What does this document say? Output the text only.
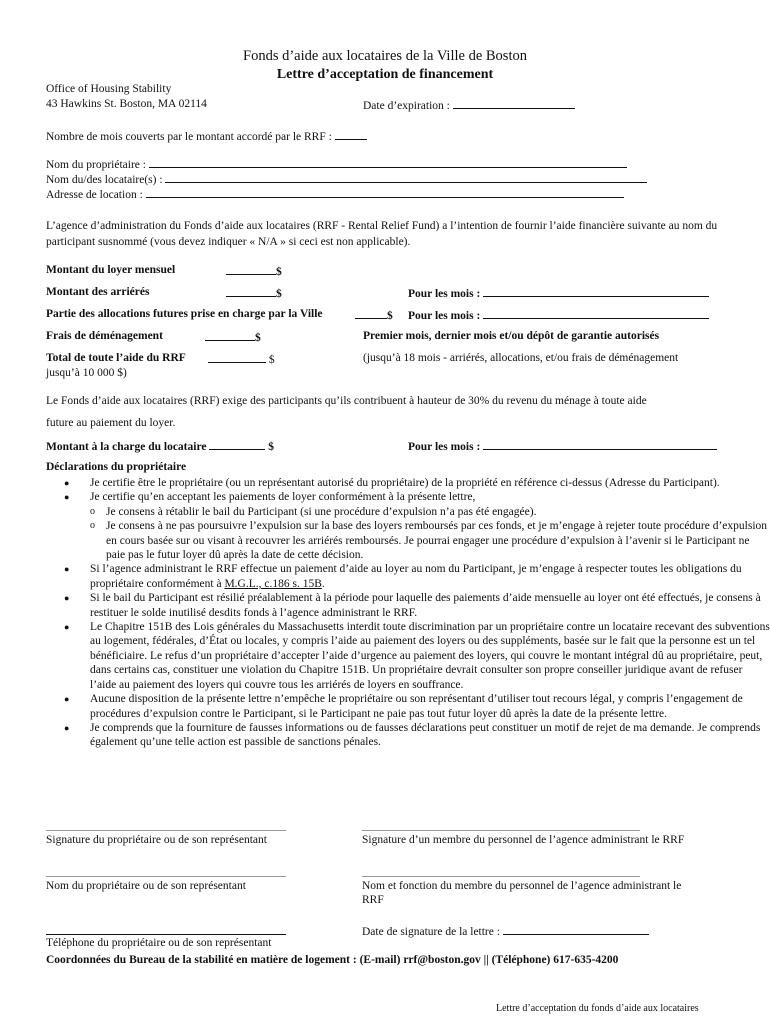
Fonds d’aide aux locataires de la Ville de Boston
Lettre d’acceptation de financement
Office of Housing Stability
43 Hawkins St. Boston, MA 02114	Date d’expiration :
Nombre de mois couverts par le montant accordé par le RRF :
Nom du propriétaire :
Nom du/des locataire(s) :
Adresse de location :
L’agence d’administration du Fonds d’aide aux locataires (RRF - Rental Relief Fund) a l’intention de fournir l’aide financière suivante au nom du participant susnommé (vous devez indiquer « N/A » si ceci est non applicable).
Montant du loyer mensuel	$
Montant des arriérés	$	Pour les mois :
Partie des allocations futures prise en charge par la Ville	$ Pour les mois :
Frais de déménagement	$	Premier mois, dernier mois et/ou dépôt de garantie autorisés
Total de toute l’aide du RRF	$	(jusqu’à 18 mois - arriérés, allocations, et/ou frais de déménagement
jusqu’à 10 000 $)
Le Fonds d’aide aux locataires (RRF) exige des participants qu’ils contribuent à hauteur de 30% du revenu du ménage à toute aide
future au paiement du loyer.
Montant à la charge du locataire	$	Pour les mois :
Déclarations du propriétaire
● Je certifie être le propriétaire (ou un représentant autorisé du propriétaire) de la propriété en référence ci-dessus (Adresse du Participant).
● Je certifie qu’en acceptant les paiements de loyer conformément à la présente lettre,
o Je consens à rétablir le bail du Participant (si une procédure d’expulsion n’a pas été engagée).
o Je consens à ne pas poursuivre l’expulsion sur la base des loyers remboursés par ces fonds, et je m’engage à rejeter toute procédure d’expulsion en cours basée sur ou visant à recouvrer les arriérés remboursés. Je pourrai engager une procédure d’expulsion à l’avenir si le Participant ne paie pas le futur loyer dû après la date de cette décision.
● Si l’agence administrant le RRF effectue un paiement d’aide au loyer au nom du Participant, je m’engage à respecter toutes les obligations du propriétaire conformément à M.G.L., c.186 s. 15B.
● Si le bail du Participant est résilié préalablement à la période pour laquelle des paiements d’aide mensuelle au loyer ont été effectués, je consens à restituer le solde inutilisé desdits fonds à l’agence administrant le RRF.
● Le Chapitre 151B des Lois générales du Massachusetts interdit toute discrimination par un propriétaire contre un locataire recevant des subventions au logement, fédérales, d’État ou locales, y compris l’aide au paiement des loyers ou des suppléments, basée sur le fait que la personne est un tel bénéficiaire. Le refus d’un propriétaire d’accepter l’aide d’urgence au paiement des loyers, qui couvre le montant intégral dû au propriétaire, peut, dans certains cas, constituer une violation du Chapitre 151B. Un propriétaire devrait consulter son propre conseiller juridique avant de refuser l’aide au paiement des loyers qui couvre tous les arriérés de loyers en souffrance.
● Aucune disposition de la présente lettre n’empêche le propriétaire ou son représentant d’utiliser tout recours légal, y compris l’engagement de procédures d’expulsion contre le Participant, si le Participant ne paie pas tout futur loyer dû après la date de la présente lettre.
● Je comprends que la fourniture de fausses informations ou de fausses déclarations peut constituer un motif de rejet de ma demande. Je comprends également qu’une telle action est passible de sanctions pénales.
Signature du propriétaire ou de son représentant	Signature d’un membre du personnel de l’agence administrant le RRF
Nom du propriétaire ou de son représentant	Nom et fonction du membre du personnel de l’agence administrant le
RRF
Date de signature de la lettre :
Téléphone du propriétaire ou de son représentant
Coordonnées du Bureau de la stabilité en matière de logement : (E-mail) rrf@boston.gov || (Téléphone) 617-635-4200
Lettre d’acceptation du fonds d’aide aux locataires
